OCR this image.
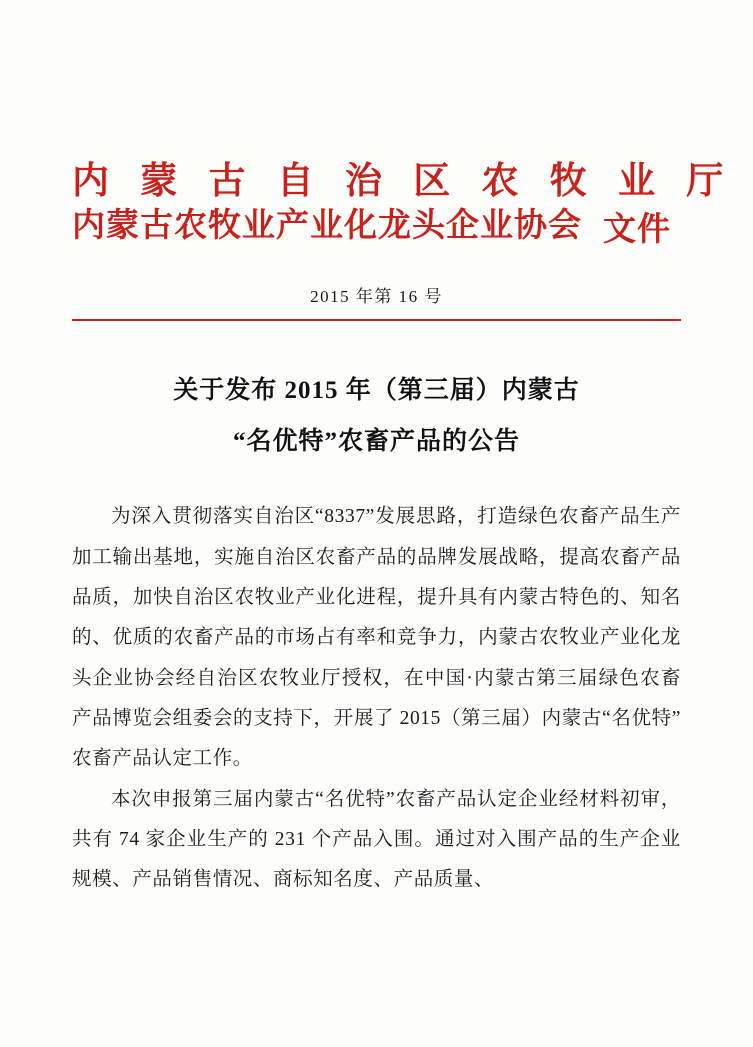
内 蒙 古 自 治 区 农 牧 业 厅
内蒙古农牧业产业化龙头企业协会 文件
2015 年第 16 号
关于发布 2015 年（第三届）内蒙古
“名优特”农畜产品的公告

为深入贯彻落实自治区“8337”发展思路，打造绿色农畜产品生产加工输出基地，实施自治区农畜产品的品牌发展战略，提高农畜产品品质，加快自治区农牧业产业化进程，提升具有内蒙古特色的、知名的、优质的农畜产品的市场占有率和竞争力，内蒙古农牧业产业化龙头企业协会经自治区农牧业厅授权，在中国·内蒙古第三届绿色农畜产品博览会组委会的支持下，开展了 2015（第三届）内蒙古“名优特”农畜产品认定工作。

本次申报第三届内蒙古“名优特”农畜产品认定企业经材料初审，共有 74 家企业生产的 231 个产品入围。通过对入围产品的生产企业规模、产品销售情况、商标知名度、产品质量、
